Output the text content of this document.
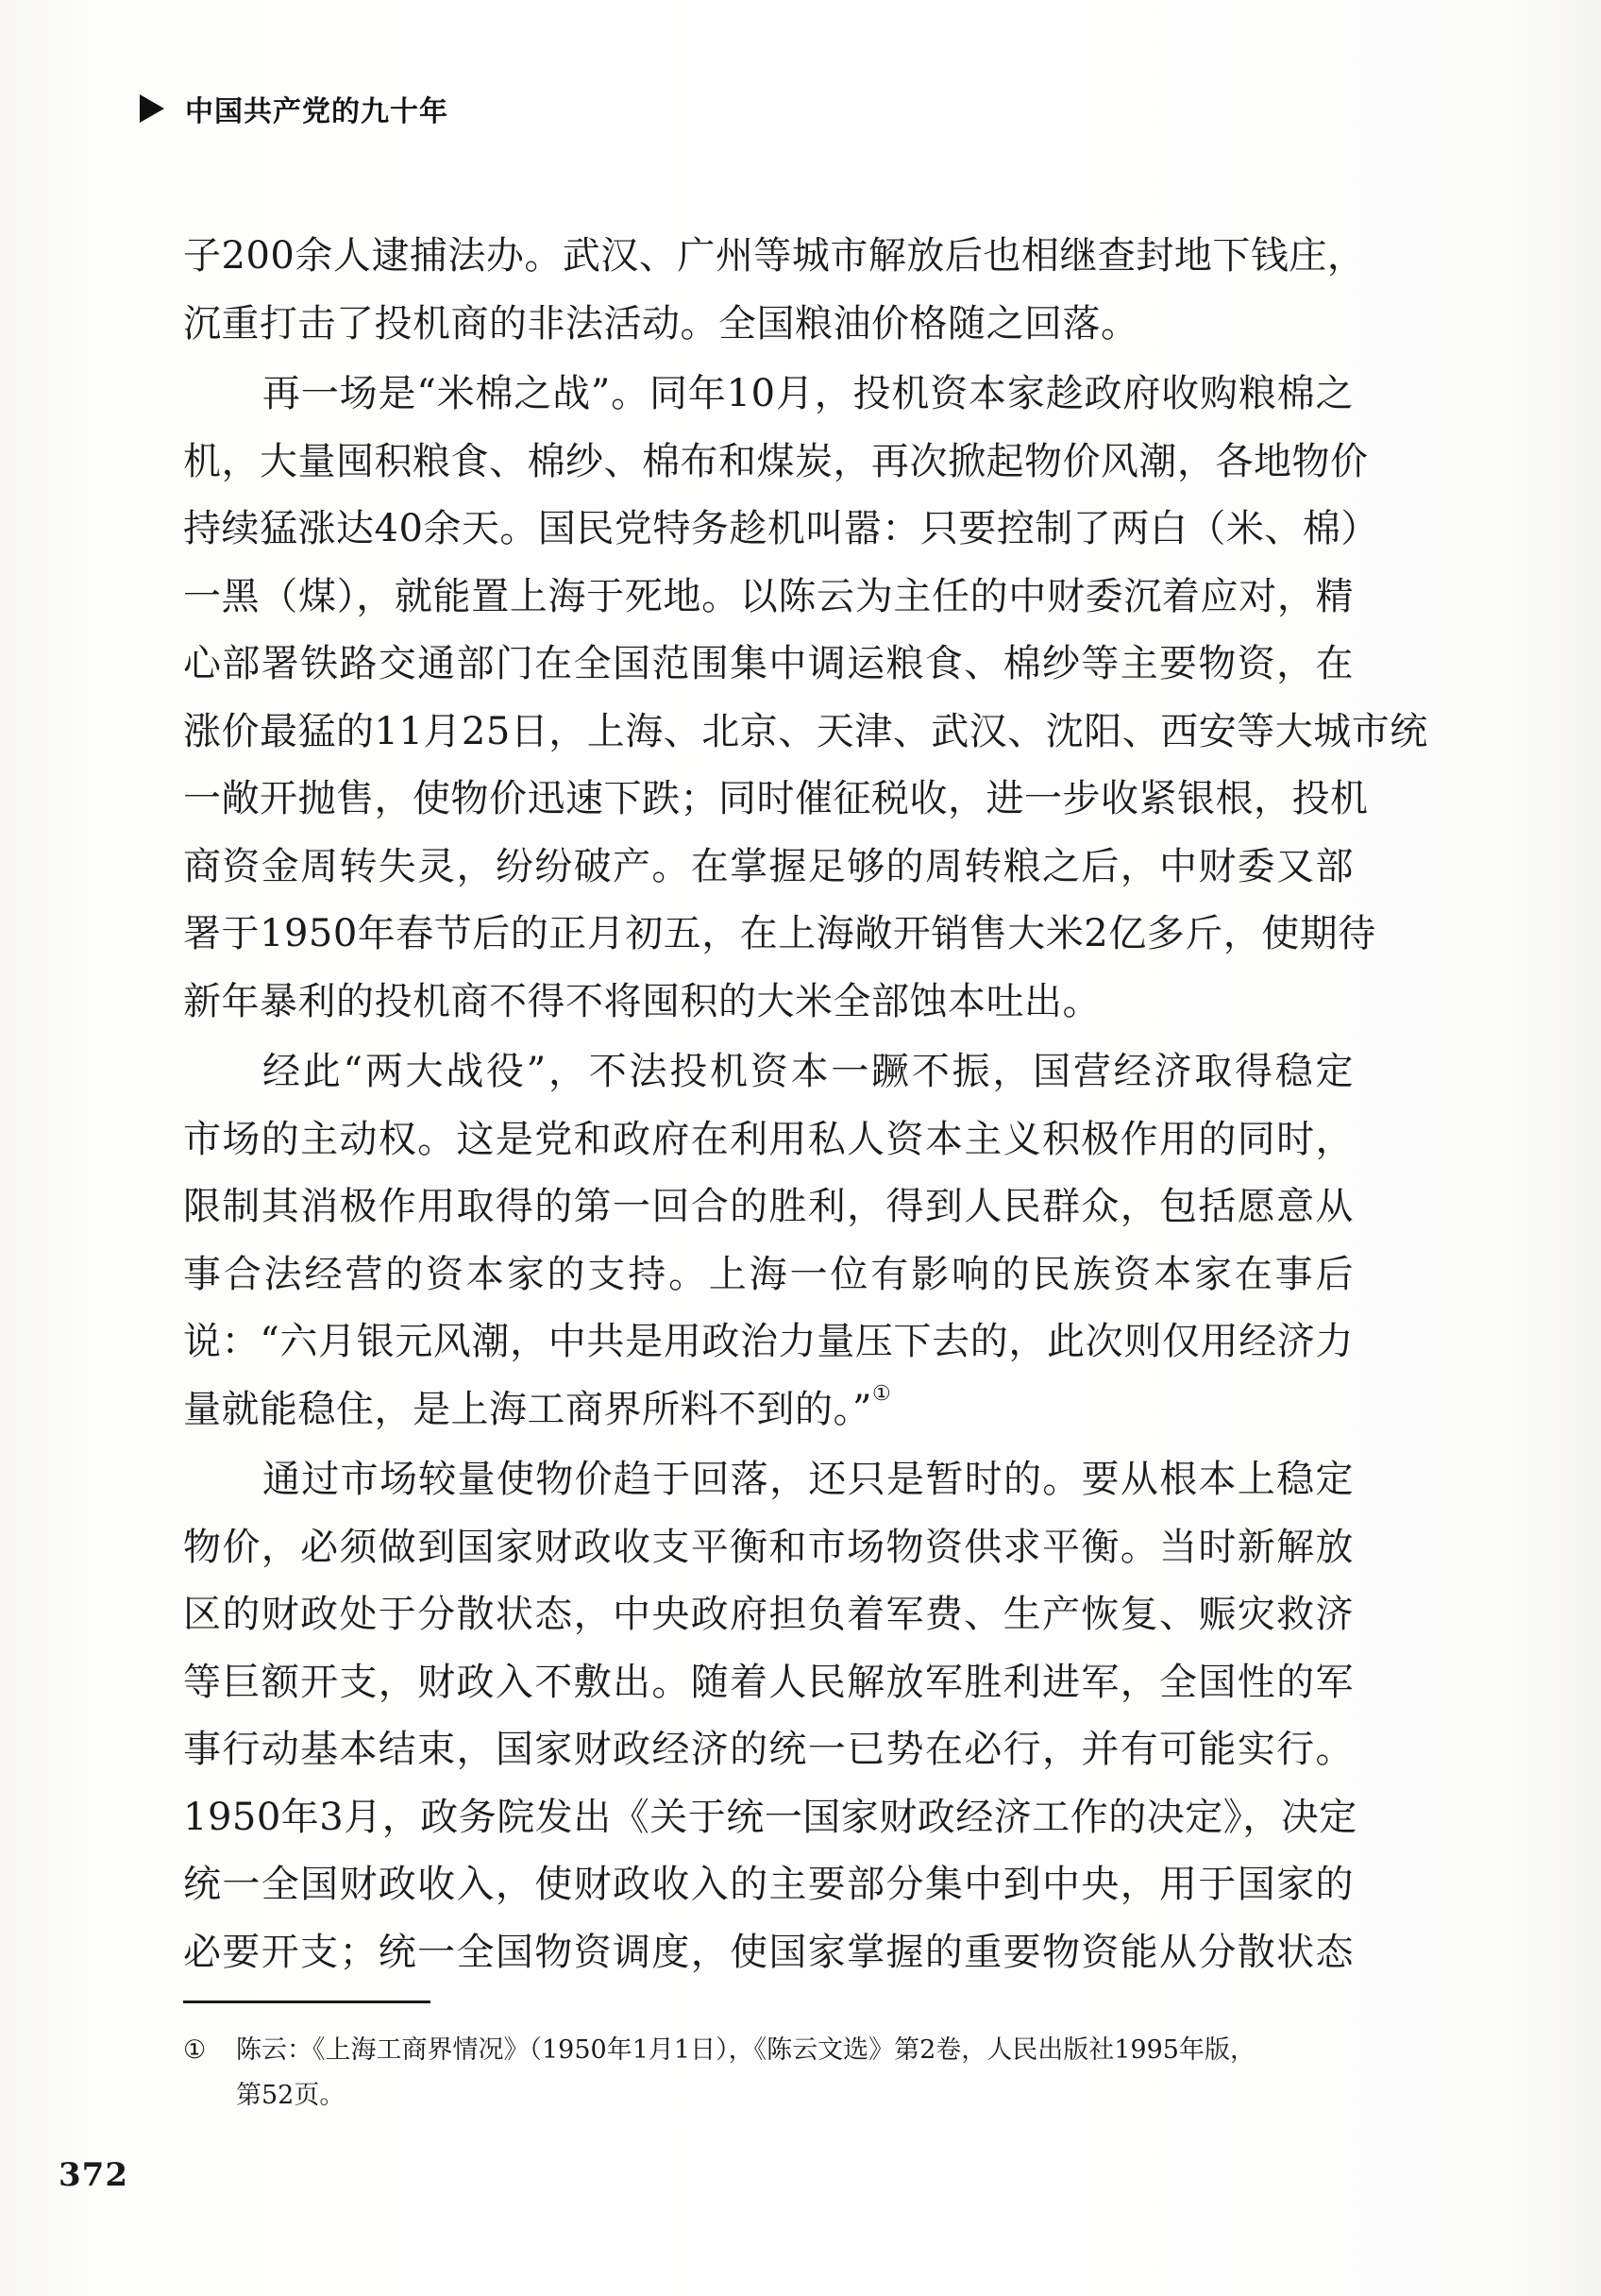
中国共产党的九十年
子200余人逮捕法办。武汉、广州等城市解放后也相继查封地下钱庄，
沉重打击了投机商的非法活动。全国粮油价格随之回落。
再一场是“米棉之战”。同年10月，投机资本家趁政府收购粮棉之
机，大量囤积粮食、棉纱、棉布和煤炭，再次掀起物价风潮，各地物价
持续猛涨达40余天。国民党特务趁机叫嚣：只要控制了两白（米、棉）
一黑（煤），就能置上海于死地。以陈云为主任的中财委沉着应对，精
心部署铁路交通部门在全国范围集中调运粮食、棉纱等主要物资，在
涨价最猛的11月25日，上海、北京、天津、武汉、沈阳、西安等大城市统
一敞开抛售，使物价迅速下跌；同时催征税收，进一步收紧银根，投机
商资金周转失灵，纷纷破产。在掌握足够的周转粮之后，中财委又部
署于1950年春节后的正月初五，在上海敞开销售大米2亿多斤，使期待
新年暴利的投机商不得不将囤积的大米全部蚀本吐出。
经此“两大战役”，不法投机资本一蹶不振，国营经济取得稳定
市场的主动权。这是党和政府在利用私人资本主义积极作用的同时，
限制其消极作用取得的第一回合的胜利，得到人民群众，包括愿意从
事合法经营的资本家的支持。上海一位有影响的民族资本家在事后
说：“六月银元风潮，中共是用政治力量压下去的，此次则仅用经济力
量就能稳住，是上海工商界所料不到的。”①
通过市场较量使物价趋于回落，还只是暂时的。要从根本上稳定
物价，必须做到国家财政收支平衡和市场物资供求平衡。当时新解放
区的财政处于分散状态，中央政府担负着军费、生产恢复、赈灾救济
等巨额开支，财政入不敷出。随着人民解放军胜利进军，全国性的军
事行动基本结束，国家财政经济的统一已势在必行，并有可能实行。
1950年3月，政务院发出《关于统一国家财政经济工作的决定》，决定
统一全国财政收入，使财政收入的主要部分集中到中央，用于国家的
必要开支；统一全国物资调度，使国家掌握的重要物资能从分散状态
①	陈云：《上海工商界情况》（1950年1月1日），《陈云文选》第2卷，人民出版社1995年版，
第52页。
372
